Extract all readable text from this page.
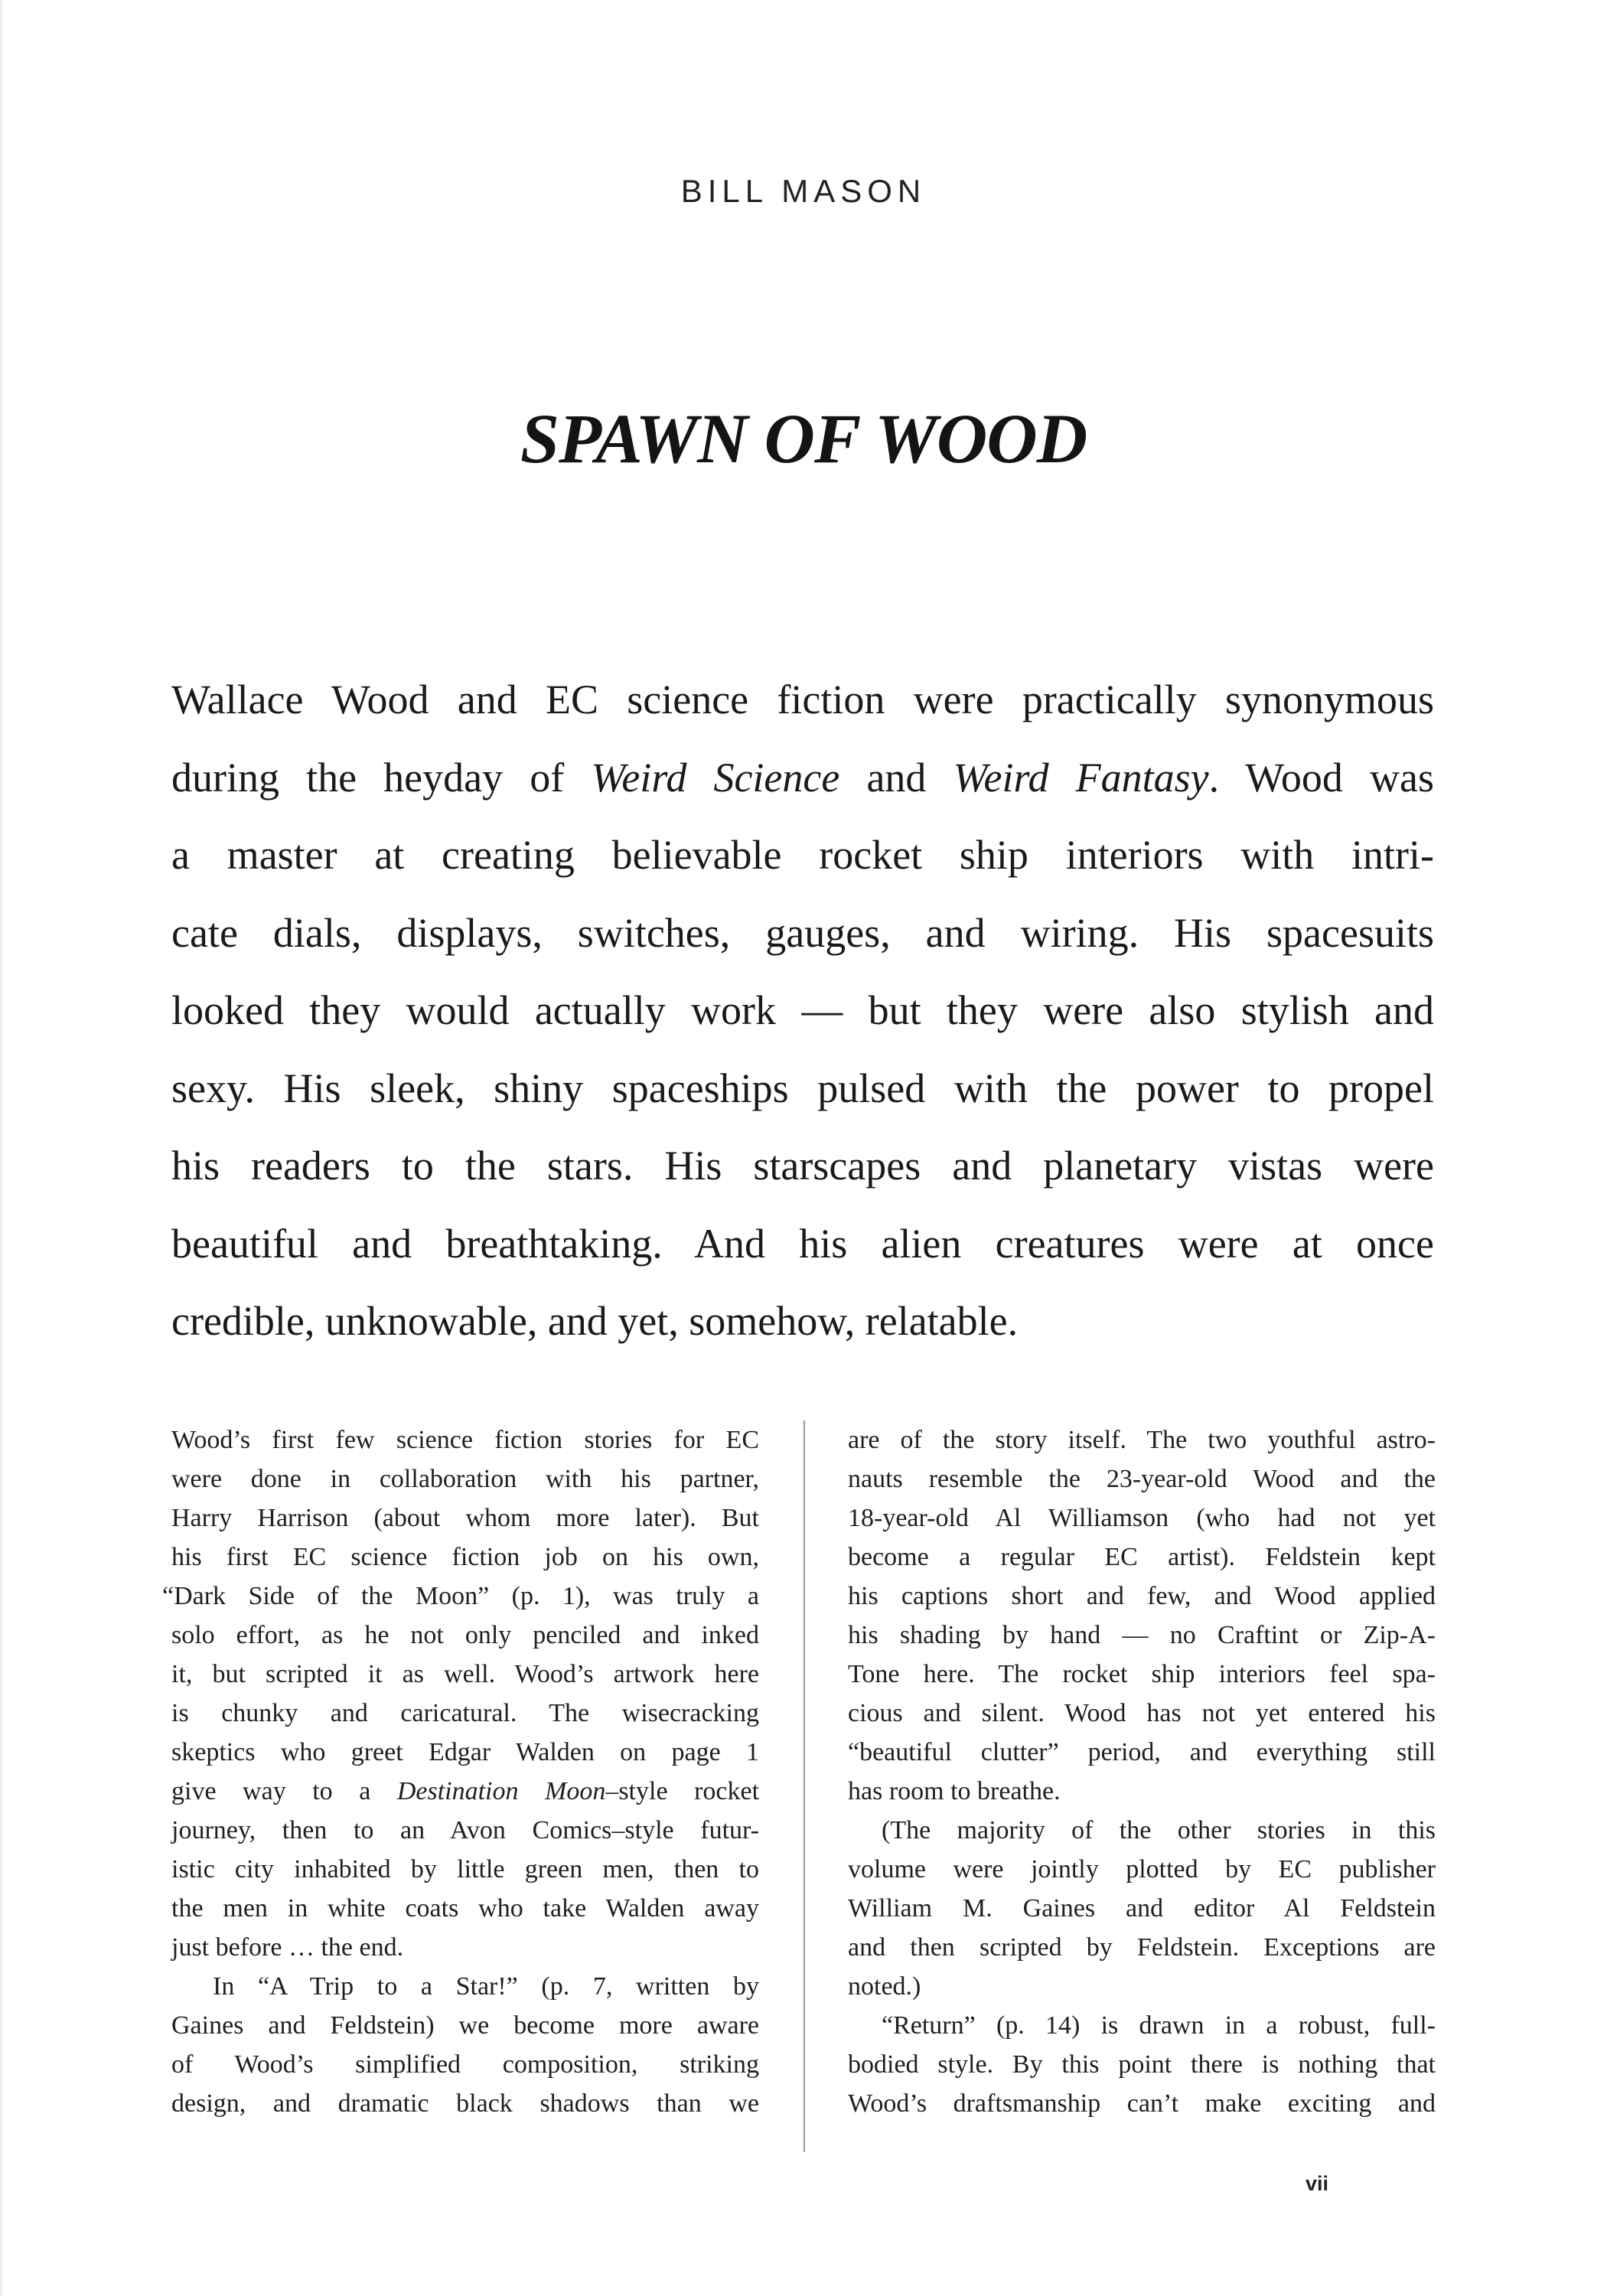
BILL MASON
SPAWN OF WOOD
Wallace Wood and EC science fiction were practically synonymous
during the heyday of Weird Science and Weird Fantasy. Wood was
a master at creating believable rocket ship interiors with intri-
cate dials, displays, switches, gauges, and wiring. His spacesuits
looked they would actually work — but they were also stylish and
sexy. His sleek, shiny spaceships pulsed with the power to propel
his readers to the stars. His starscapes and planetary vistas were
beautiful and breathtaking. And his alien creatures were at once
credible, unknowable, and yet, somehow, relatable.
Wood’s first few science fiction stories for EC
were done in collaboration with his partner,
Harry Harrison (about whom more later). But
his first EC science fiction job on his own,
“Dark Side of the Moon” (p. 1), was truly a
solo effort, as he not only penciled and inked
it, but scripted it as well. Wood’s artwork here
is chunky and caricatural. The wisecracking
skeptics who greet Edgar Walden on page 1
give way to a Destination Moon–style rocket
journey, then to an Avon Comics–style futur-
istic city inhabited by little green men, then to
the men in white coats who take Walden away
just before … the end.
In “A Trip to a Star!” (p. 7, written by
Gaines and Feldstein) we become more aware
of Wood’s simplified composition, striking
design, and dramatic black shadows than we
are of the story itself. The two youthful astro-
nauts resemble the 23-year-old Wood and the
18-year-old Al Williamson (who had not yet
become a regular EC artist). Feldstein kept
his captions short and few, and Wood applied
his shading by hand — no Craftint or Zip-A-
Tone here. The rocket ship interiors feel spa-
cious and silent. Wood has not yet entered his
“beautiful clutter” period, and everything still
has room to breathe.
(The majority of the other stories in this
volume were jointly plotted by EC publisher
William M. Gaines and editor Al Feldstein
and then scripted by Feldstein. Exceptions are
noted.)
“Return” (p. 14) is drawn in a robust, full-
bodied style. By this point there is nothing that
Wood’s draftsmanship can’t make exciting and
vii
